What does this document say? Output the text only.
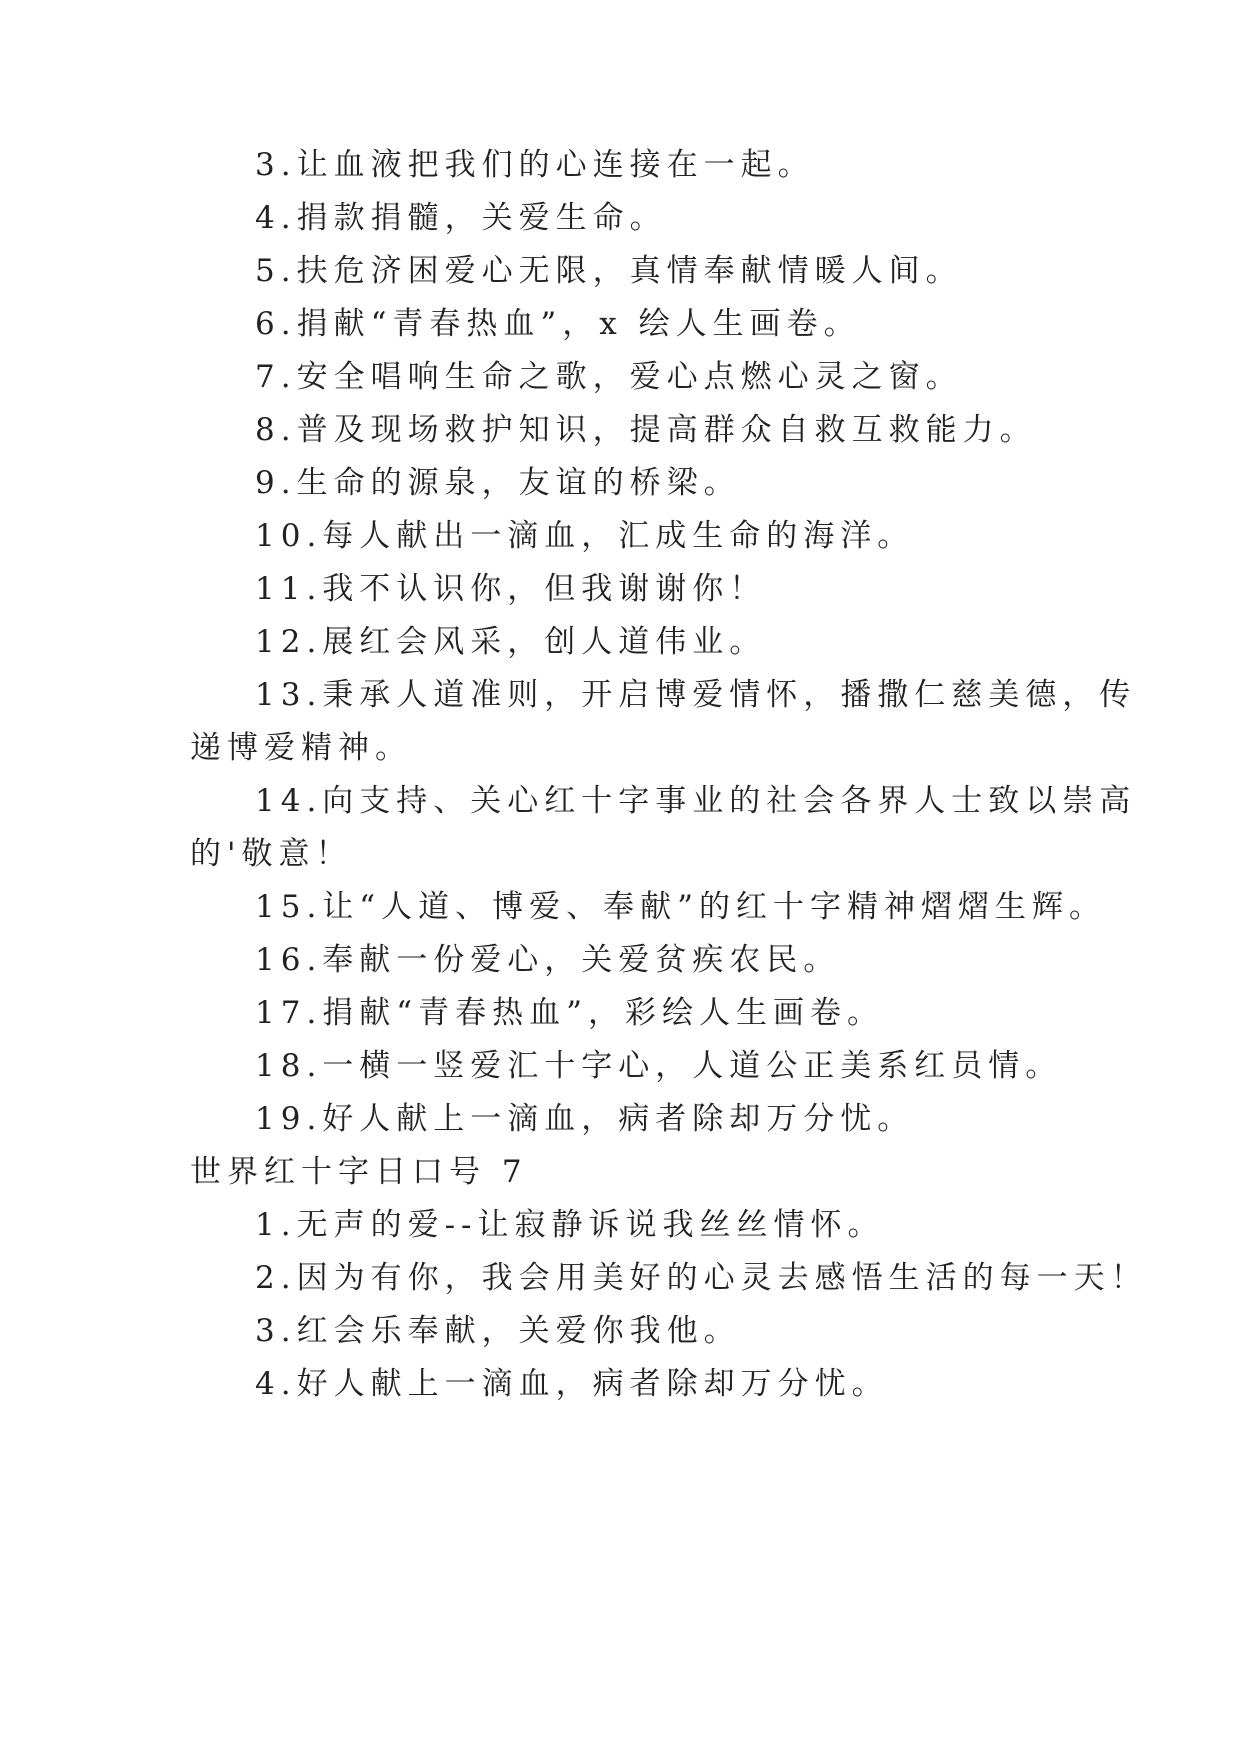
3.让血液把我们的心连接在一起。
4.捐款捐髓，关爱生命。
5.扶危济困爱心无限，真情奉献情暖人间。
6.捐献“青春热血”，x 绘人生画卷。
7.安全唱响生命之歌，爱心点燃心灵之窗。
8.普及现场救护知识，提高群众自救互救能力。
9.生命的源泉，友谊的桥梁。
10.每人献出一滴血，汇成生命的海洋。
11.我不认识你，但我谢谢你！
12.展红会风采，创人道伟业。
13.秉承人道准则，开启博爱情怀，播撒仁慈美德，传
递博爱精神。
14.向支持、关心红十字事业的社会各界人士致以崇高
的'敬意！
15.让“人道、博爱、奉献”的红十字精神熠熠生辉。
16.奉献一份爱心，关爱贫疾农民。
17.捐献“青春热血”，彩绘人生画卷。
18.一横一竖爱汇十字心，人道公正美系红员情。
19.好人献上一滴血，病者除却万分忧。
世界红十字日口号 7
1.无声的爱--让寂静诉说我丝丝情怀。
2.因为有你，我会用美好的心灵去感悟生活的每一天！
3.红会乐奉献，关爱你我他。
4.好人献上一滴血，病者除却万分忧。
